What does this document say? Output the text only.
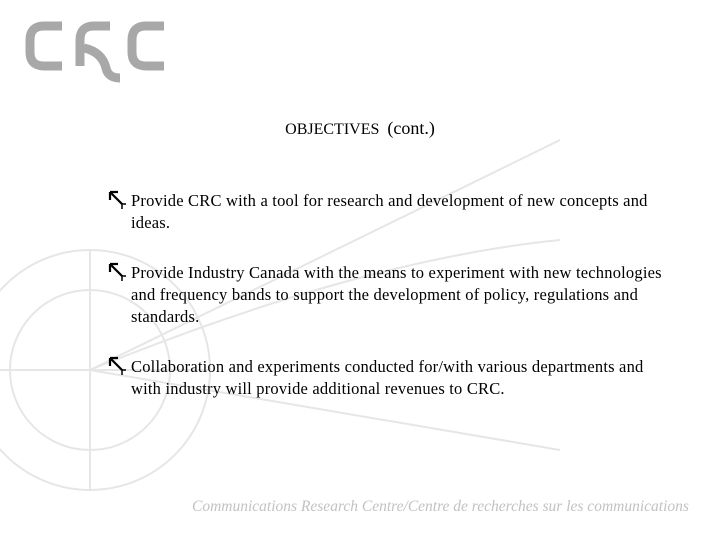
OBJECTIVES (cont.)
Provide CRC with a tool for research and development of new concepts and ideas.
Provide Industry Canada with the means to experiment with new technologies and frequency bands to support the development of policy, regulations and standards.
Collaboration and experiments conducted for/with various departments and with industry will provide additional revenues to CRC.
Communications Research Centre/Centre de recherches sur les communications
